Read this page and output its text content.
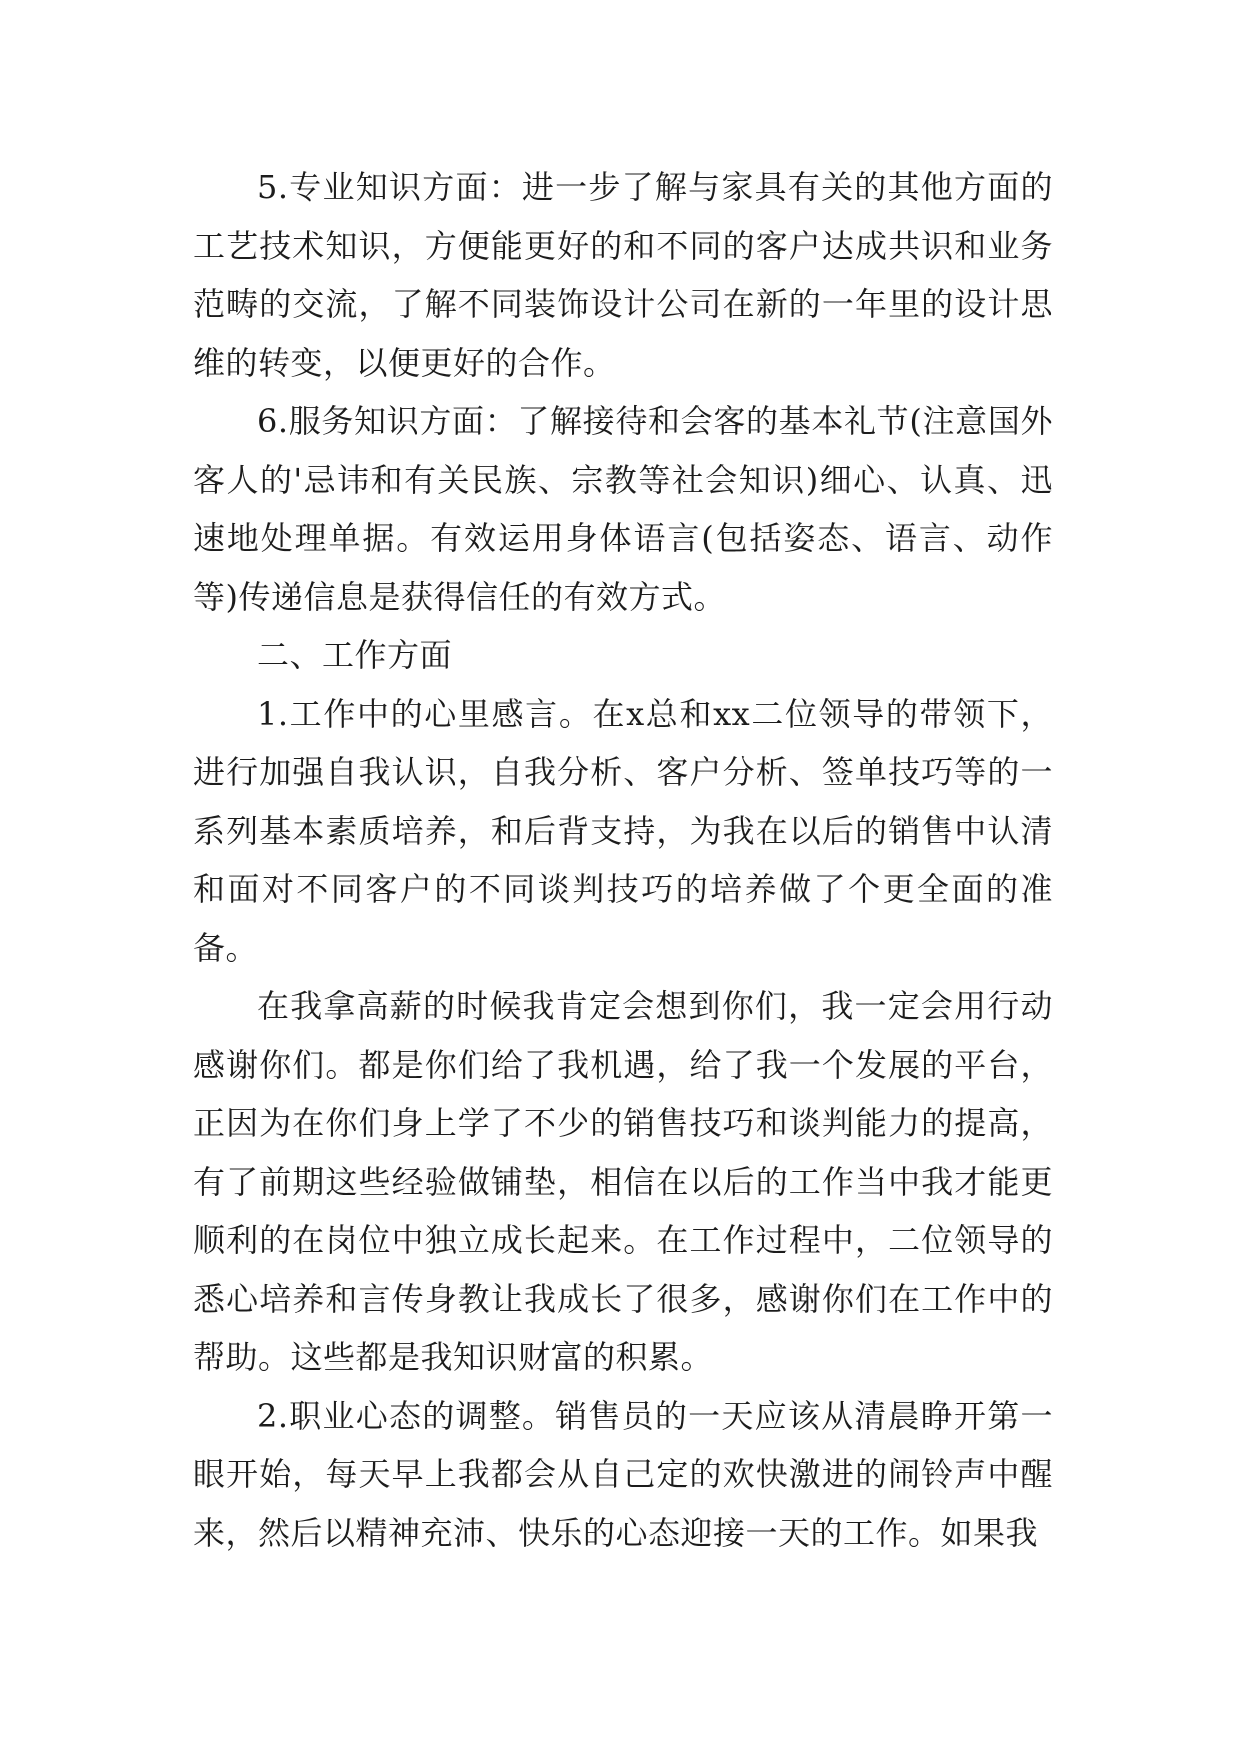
5.专业知识方面：进一步了解与家具有关的其他方面的工艺技术知识，方便能更好的和不同的客户达成共识和业务范畴的交流，了解不同装饰设计公司在新的一年里的设计思维的转变，以便更好的合作。

6.服务知识方面：了解接待和会客的基本礼节(注意国外客人的'忌讳和有关民族、宗教等社会知识)细心、认真、迅速地处理单据。有效运用身体语言(包括姿态、语言、动作等)传递信息是获得信任的有效方式。

二、工作方面

1.工作中的心里感言。在x总和xx二位领导的带领下，进行加强自我认识，自我分析、客户分析、签单技巧等的一系列基本素质培养，和后背支持，为我在以后的销售中认清和面对不同客户的不同谈判技巧的培养做了个更全面的准备。

在我拿高薪的时候我肯定会想到你们，我一定会用行动感谢你们。都是你们给了我机遇，给了我一个发展的平台，正因为在你们身上学了不少的销售技巧和谈判能力的提高，有了前期这些经验做铺垫，相信在以后的工作当中我才能更顺利的在岗位中独立成长起来。在工作过程中，二位领导的悉心培养和言传身教让我成长了很多，感谢你们在工作中的帮助。这些都是我知识财富的积累。

2.职业心态的调整。销售员的一天应该从清晨睁开第一眼开始，每天早上我都会从自己定的欢快激进的闹铃声中醒来，然后以精神充沛、快乐的心态迎接一天的工作。如果我
